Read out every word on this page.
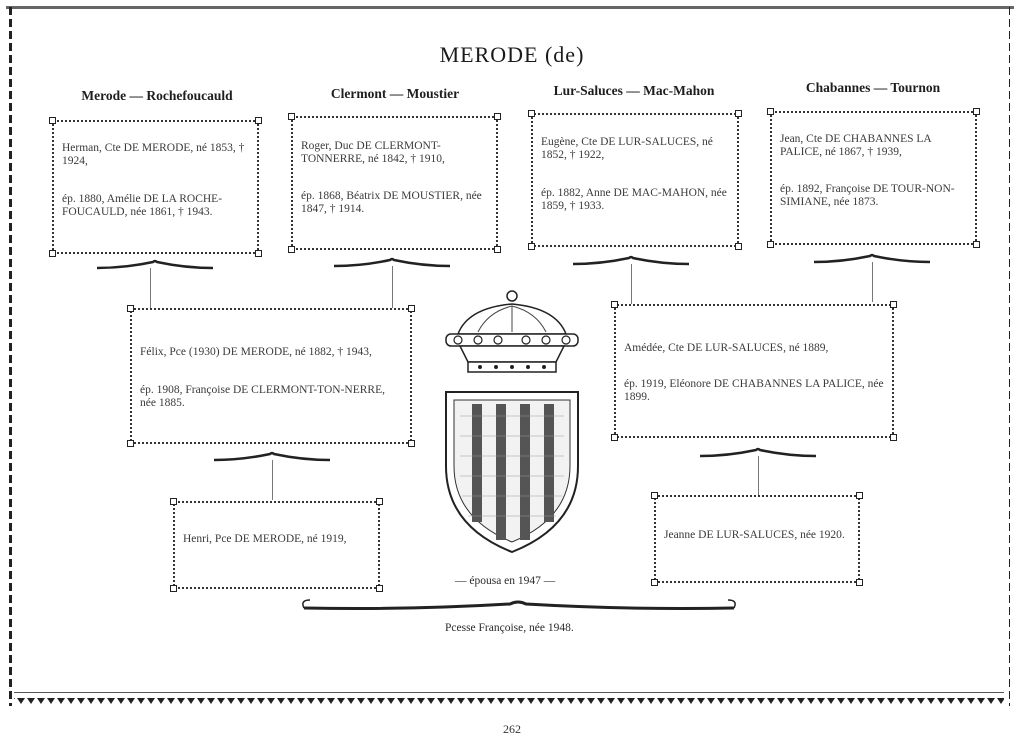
MERODE (de)
Merode — Rochefoucauld	Clermont — Moustier	Lur-Saluces — Mac-Mahon	Chabannes — Tournon

Herman, Cte DE MERODE, né 1853, † 1924,

ép. 1880, Amélie DE LA ROCHE-FOUCAULD, née 1861, † 1943.

Roger, Duc DE CLERMONT-TONNERRE, né 1842, † 1910,

ép. 1868, Béatrix DE MOUSTIER, née 1847, † 1914.

Eugène, Cte DE LUR-SALUCES, né 1852, † 1922,

ép. 1882, Anne DE MAC-MAHON, née 1859, † 1933.

Jean, Cte DE CHABANNES LA PALICE, né 1867, † 1939,

ép. 1892, Françoise DE TOUR-NON-SIMIANE, née 1873.

Félix, Pce (1930) DE MERODE, né 1882, † 1943,

ép. 1908, Françoise DE CLERMONT-TON-NERRE, née 1885.

Amédée, Cte DE LUR-SALUCES, né 1889,

ép. 1919, Eléonore DE CHABANNES LA PALICE, née 1899.

Henri, Pce DE MERODE, né 1919,	Jeanne DE LUR-SALUCES, née 1920.

— épousa en 1947 —
Pcesse Françoise, née 1948.
262
